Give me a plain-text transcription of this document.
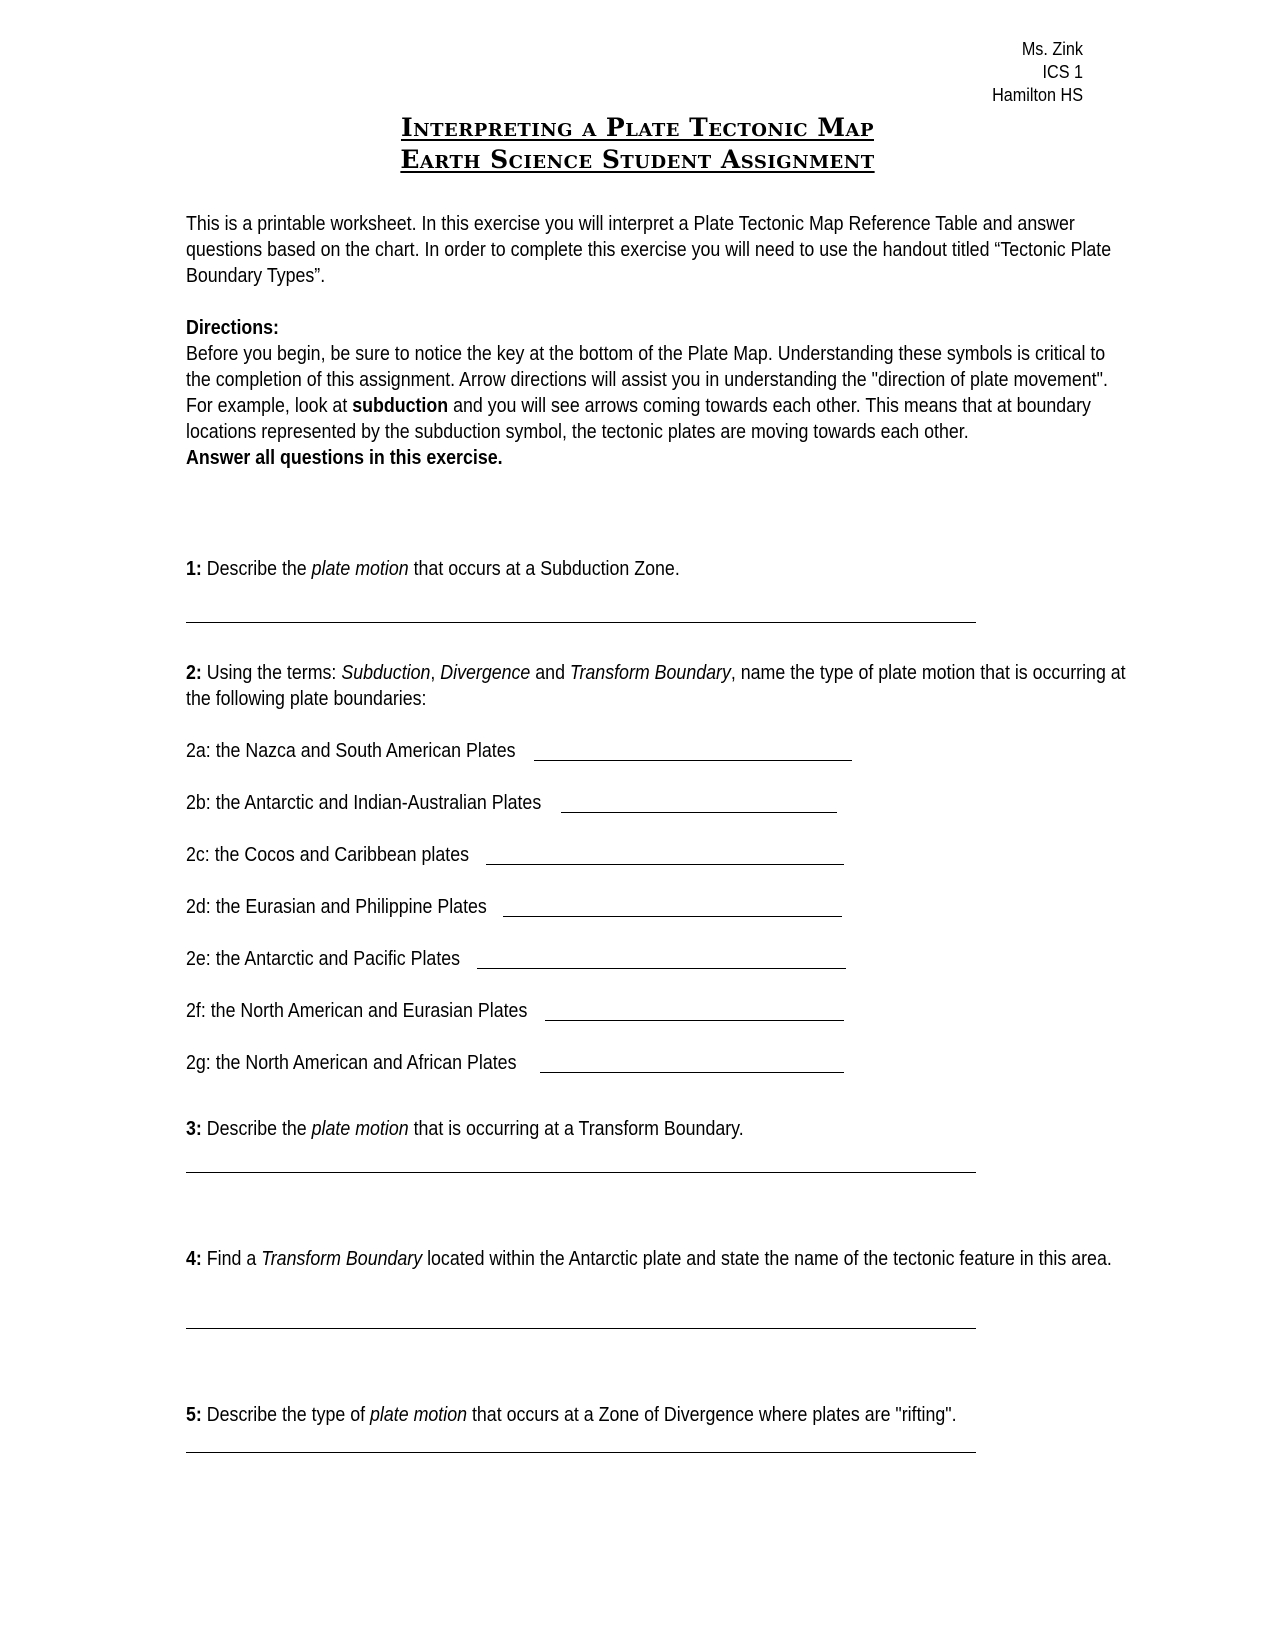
Ms. Zink
ICS 1
Hamilton HS
Interpreting a Plate Tectonic Map
Earth Science Student Assignment
This is a printable worksheet. In this exercise you will interpret a Plate Tectonic Map Reference Table and answer questions based on the chart. In order to complete this exercise you will need to use the handout titled “Tectonic Plate Boundary Types”.

Directions:

Before you begin, be sure to notice the key at the bottom of the Plate Map. Understanding these symbols is critical to the completion of this assignment. Arrow directions will assist you in understanding the "direction of plate movement".

For example, look at subduction and you will see arrows coming towards each other. This means that at boundary locations represented by the subduction symbol, the tectonic plates are moving towards each other.

Answer all questions in this exercise.

1: Describe the plate motion that occurs at a Subduction Zone.
2: Using the terms: Subduction, Divergence and Transform Boundary, name the type of plate motion that is occurring at the following plate boundaries:
2a: the Nazca and South American Plates
2b: the Antarctic and Indian-Australian Plates
2c: the Cocos and Caribbean plates
2d: the Eurasian and Philippine Plates
2e: the Antarctic and Pacific Plates
2f: the North American and Eurasian Plates
2g: the North American and African Plates
3: Describe the plate motion that is occurring at a Transform Boundary.
4: Find a Transform Boundary located within the Antarctic plate and state the name of the tectonic feature in this area.
5: Describe the type of plate motion that occurs at a Zone of Divergence where plates are "rifting".
